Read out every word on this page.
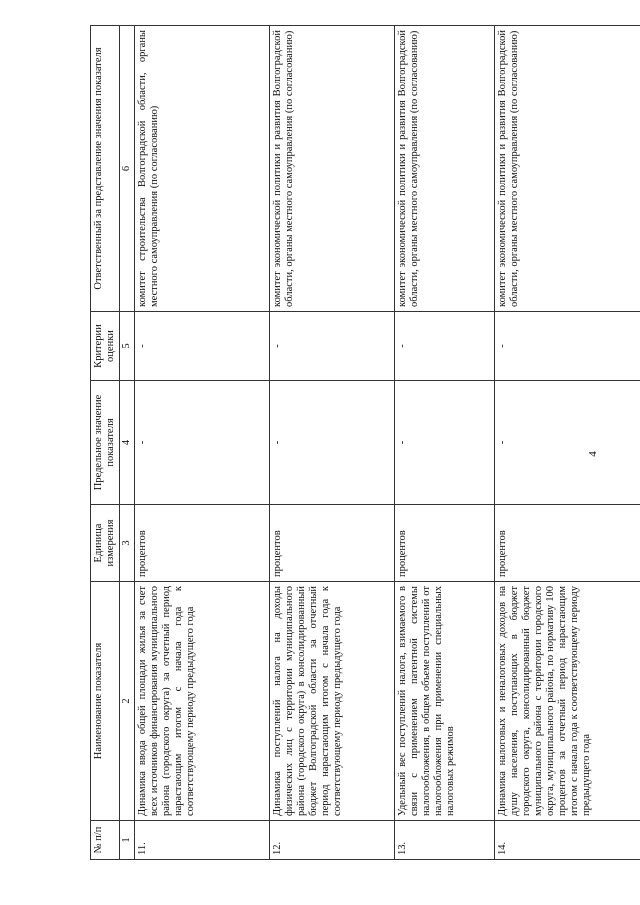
4
№ п/п	Наименование показателя	Единица измерения	Предельное значение показателя	Критерии оценки	Ответственный за представление значения показателя
1	2	3	4	5	6
11.	Динамика ввода общей площади жилья за счет всех источников финансирования муниципального района (городского округа) за отчетный период нарастающим итогом с начала года к соответствующему периоду предыдущего года	процентов	-	-	комитет строительства Волгоградской области, органы местного самоуправления (по согласованию)
12.	Динамика поступлений налога на доходы физических лиц с территории муниципального района (городского округа) в консолидированный бюджет Волгоградской области за отчетный период нарастающим итогом с начала года к соответствующему периоду предыдущего года	процентов	-	-	комитет экономической политики и развития Волгоградской области, органы местного самоуправления (по согласованию)
13.	Удельный вес поступлений налога, взимаемого в связи с применением патентной системы налогообложения, в общем объеме поступлений от налогообложения при применении специальных налоговых режимов	процентов	-	-	комитет экономической политики и развития Волгоградской области, органы местного самоуправления (по согласованию)
14.	Динамика налоговых и неналоговых доходов на душу населения, поступающих в бюджет городского округа, консолидированный бюджет муниципального района с территории городского округа, муниципального района, по нормативу 100 процентов за отчетный период нарастающим итогом с начала года к соответствующему периоду предыдущего года	процентов	-	-	комитет экономической политики и развития Волгоградской области, органы местного самоуправления (по согласованию)
